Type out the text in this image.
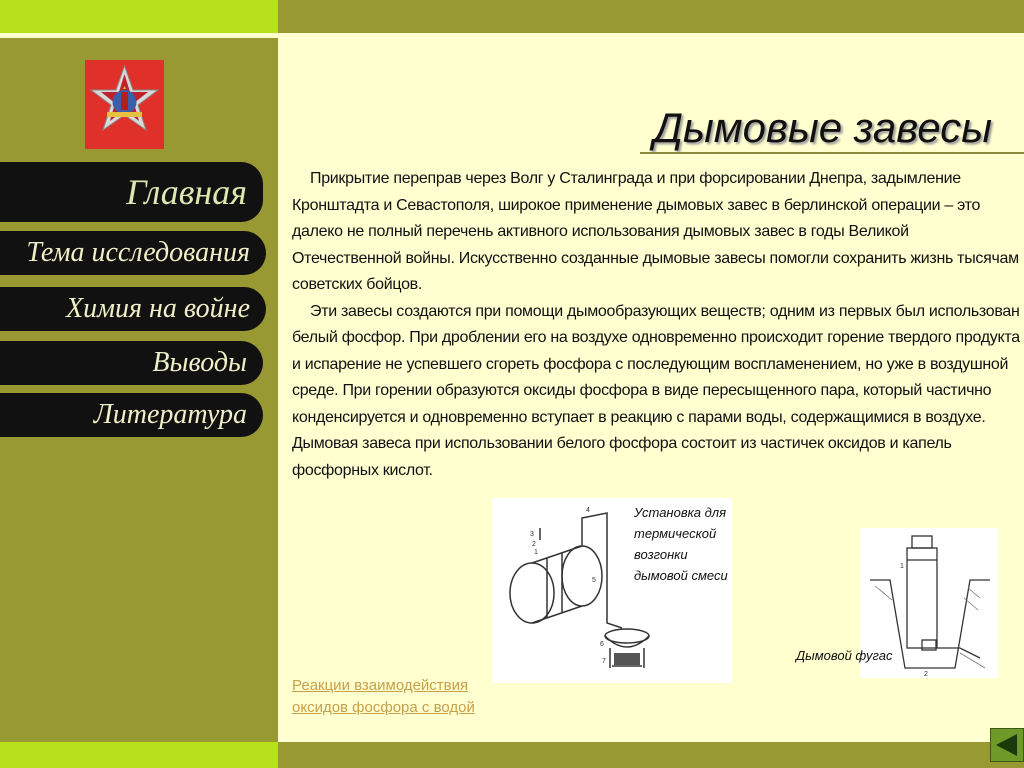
Главная
Тема исследования
Химия на войне
Выводы
Литература
Дымовые завесы

Прикрытие переправ через Волг у Сталинграда и при форсировании Днепра, задымление Кронштадта и Севастополя, широкое применение дымовых завес в берлинской операции – это далеко не полный перечень активного использования дымовых завес в годы Великой Отечественной войны. Искусственно созданные дымовые завесы помогли сохранить жизнь тысячам советских бойцов.

Эти завесы создаются при помощи дымообразующих веществ; одним из первых был использован белый фосфор. При дроблении его на воздухе одновременно происходит горение твердого продукта и испарение не успевшего сгореть фосфора с последующим воспламенением, но уже в воздушной среде. При горении образуются оксиды фосфора в виде пересыщенного пара, который частично конденсируется и одновременно вступает в реакцию с парами воды, содержащимися в воздухе. Дымовая завеса при использовании белого фосфора состоит из частичек оксидов и капель фосфорных кислот.

3
2
1
4
5
7
6
Установка для термической возгонки дымовой смеси
1
2
Дымовой фугас
Реакции взаимодействия оксидов фосфора с водой
